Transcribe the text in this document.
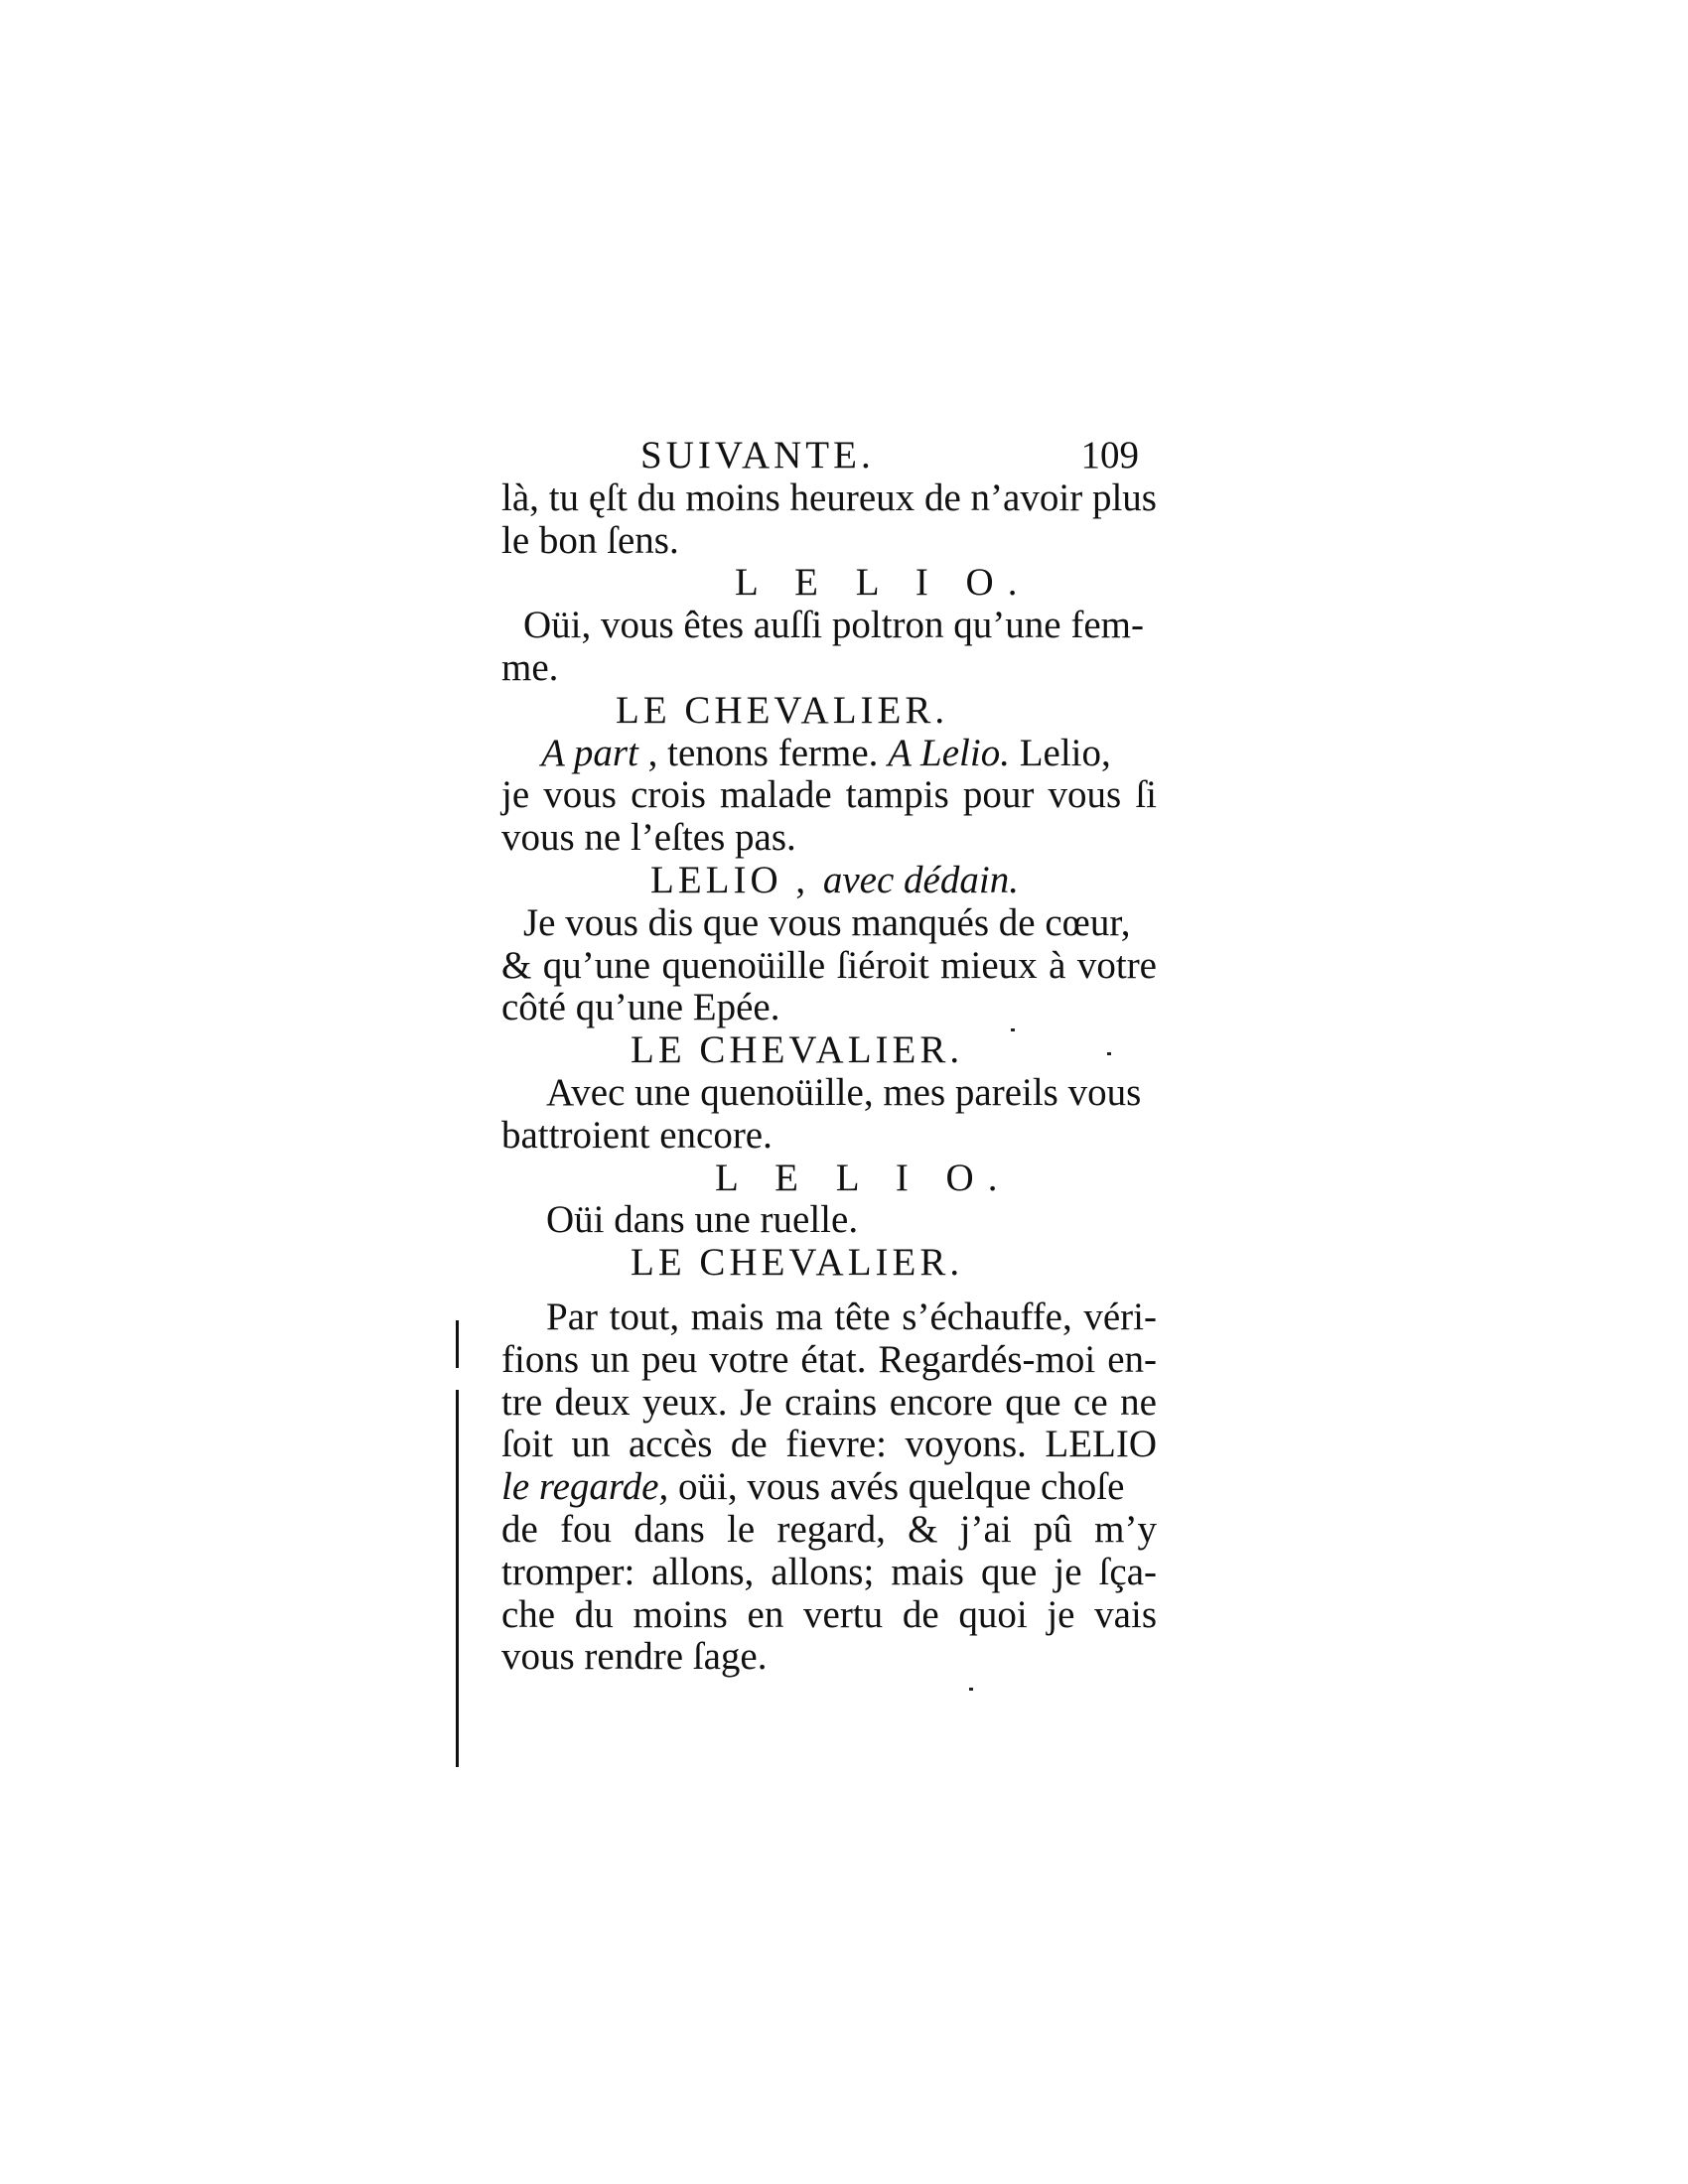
SUIVANTE.	109
là, tu ęſt du moins heureux de n’avoir plus
le bon ſens.
L E L I O.
Oüi, vous êtes auſſi poltron qu’une fem-
me.
LE CHEVALIER.
A part , tenons ferme. A Lelio. Lelio,
je vous crois malade tampis pour vous ſi
vous ne l’eſtes pas.
LELIO , avec dédain.
Je vous dis que vous manqués de cœur,
& qu’une quenoüille ſiéroit mieux à votre
côté qu’une Epée.
LE CHEVALIER.
Avec une quenoüille, mes pareils vous
battroient encore.
L E L I O.
Oüi dans une ruelle.
LE CHEVALIER.
Par tout, mais ma tête s’échauffe, véri-
fions un peu votre état. Regardés-moi en-
tre deux yeux. Je crains encore que ce ne
ſoit un accès de fievre: voyons. LELIO
le regarde, oüi, vous avés quelque choſe
de fou dans le regard, & j’ai pû m’y
tromper: allons, allons; mais que je ſça-
che du moins en vertu de quoi je vais
vous rendre ſage.
